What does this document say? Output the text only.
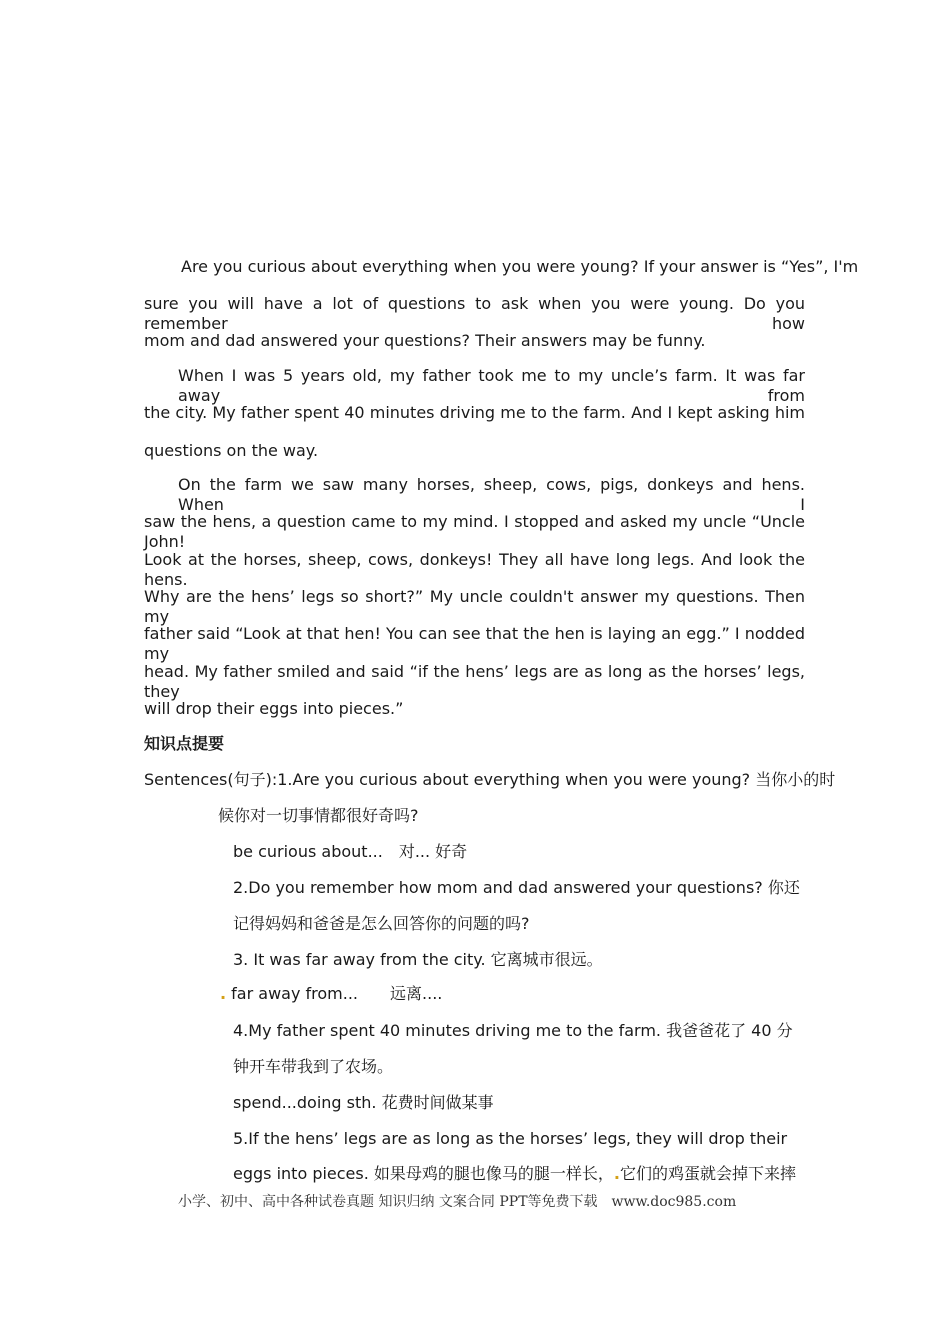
Are you curious about everything when you were young? If your answer is “Yes”, I'm
sure you will have a lot of questions to ask when you were young. Do you remember how
mom and dad answered your questions? Their answers may be funny.
When I was 5 years old, my father took me to my uncle’s farm. It was far away from
the city. My father spent 40 minutes driving me to the farm. And I kept asking him
questions on the way.
On the farm we saw many horses, sheep, cows, pigs, donkeys and hens. When I
saw the hens, a question came to my mind. I stopped and asked my uncle “Uncle John!
Look at the horses, sheep, cows, donkeys! They all have long legs. And look the hens.
Why are the hens’ legs so short?” My uncle couldn't answer my questions. Then my
father said “Look at that hen! You can see that the hen is laying an egg.” I nodded my
head. My father smiled and said “if the hens’ legs are as long as the horses’ legs, they
will drop their eggs into pieces.”
知识点提要
Sentences(句子):1.Are you curious about everything when you were young? 当你小的时
候你对一切事情都很好奇吗?
be curious about...　对... 好奇
2.Do you remember how mom and dad answered your questions? 你还
记得妈妈和爸爸是怎么回答你的问题的吗?
3. It was far away from the city. 它离城市很远。
. far away from...　　远离....
4.My father spent 40 minutes driving me to the farm. 我爸爸花了 40 分
钟开车带我到了农场。
spend...doing sth. 花费时间做某事
5.If the hens’ legs are as long as the horses’ legs, they will drop their
eggs into pieces. 如果母鸡的腿也像马的腿一样长，.它们的鸡蛋就会掉下来摔
小学、初中、高中各种试卷真题 知识归纳 文案合同 PPT等免费下载　www.doc985.com
